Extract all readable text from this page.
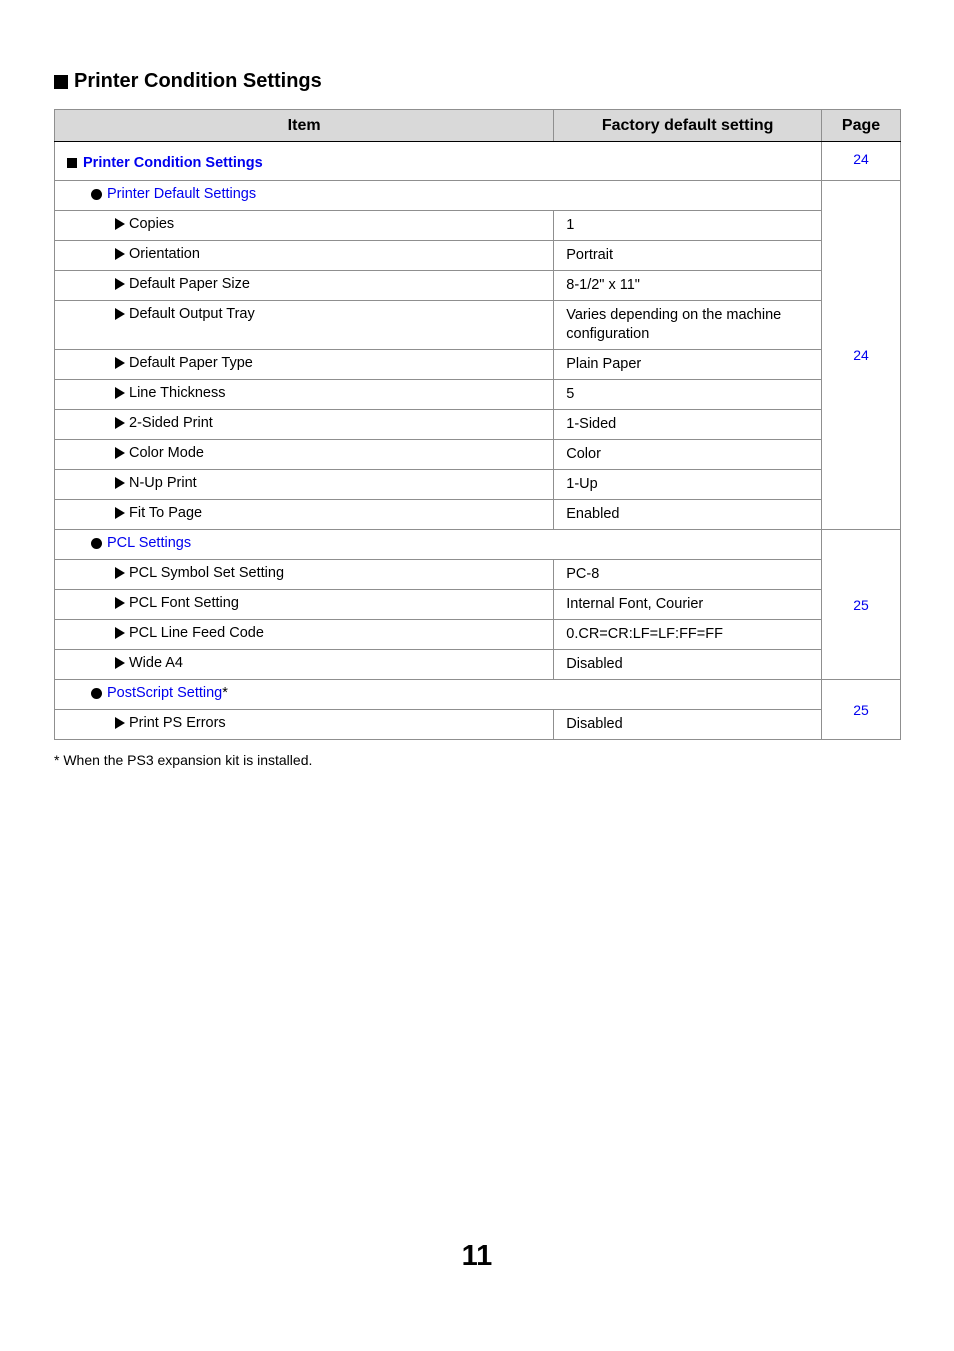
Printer Condition Settings
Item	Factory default setting	Page

Printer Condition Settings		24

Printer Default Settings		24

Copies	1	

Orientation	Portrait	

Default Paper Size	8-1/2" x 11"	

Default Output Tray	Varies depending on the machine configuration	

Default Paper Type	Plain Paper	

Line Thickness	5	

2-Sided Print	1-Sided	

Color Mode	Color	

N-Up Print	1-Up	

Fit To Page	Enabled	

PCL Settings		25

PCL Symbol Set Setting	PC-8	

PCL Font Setting	Internal Font, Courier	

PCL Line Feed Code	0.CR=CR:LF=LF:FF=FF	

Wide A4	Disabled	

PostScript Setting *		25

Print PS Errors	Disabled	
* When the PS3 expansion kit is installed.
11
